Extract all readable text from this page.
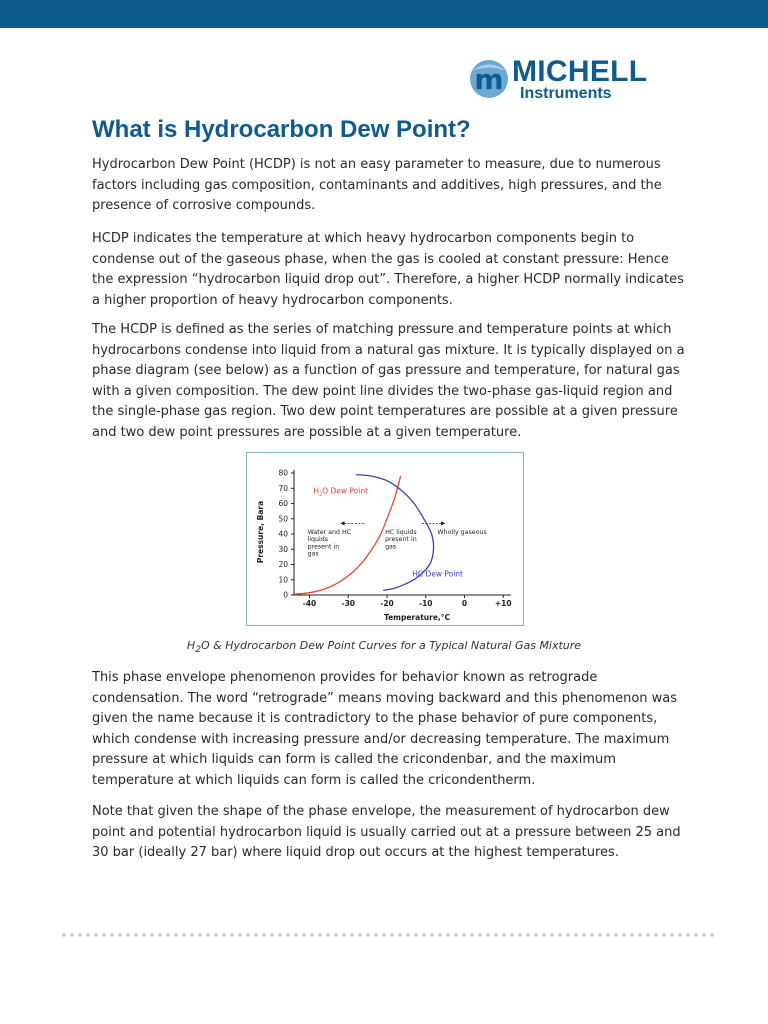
m MICHELL
Instruments
What is Hydrocarbon Dew Point?

Hydrocarbon Dew Point (HCDP) is not an easy parameter to measure, due to numerous factors including gas composition, contaminants and additives, high pressures, and the presence of corrosive compounds.

HCDP indicates the temperature at which heavy hydrocarbon components begin to condense out of the gaseous phase, when the gas is cooled at constant pressure: Hence the expression “hydrocarbon liquid drop out”. Therefore, a higher HCDP normally indicates a higher proportion of heavy hydrocarbon components.

The HCDP is defined as the series of matching pressure and temperature points at which hydrocarbons condense into liquid from a natural gas mixture. It is typically displayed on a phase diagram (see below) as a function of gas pressure and temperature, for natural gas with a given composition. The dew point line divides the two-phase gas-liquid region and the single-phase gas region. Two dew point temperatures are possible at a given pressure and two dew point pressures are possible at a given temperature.

0
10
20
30
40
50
60
70
80
-40	-30	-20	-10	0	+10
Pressure, Bara
Temperature,°C
$H_2O$ Dew Point
HC Dew Point
Water and HC liquids present in gas
HC liquids present in gas
Wholly gaseous

$H_2O$ & Hydrocarbon Dew Point Curves for a Typical Natural Gas Mixture

This phase envelope phenomenon provides for behavior known as retrograde condensation. The word “retrograde” means moving backward and this phenomenon was given the name because it is contradictory to the phase behavior of pure components, which condense with increasing pressure and/or decreasing temperature. The maximum pressure at which liquids can form is called the cricondenbar, and the maximum temperature at which liquids can form is called the cricondentherm.

Note that given the shape of the phase envelope, the measurement of hydrocarbon dew point and potential hydrocarbon liquid is usually carried out at a pressure between 25 and 30 bar (ideally 27 bar) where liquid drop out occurs at the highest temperatures.
